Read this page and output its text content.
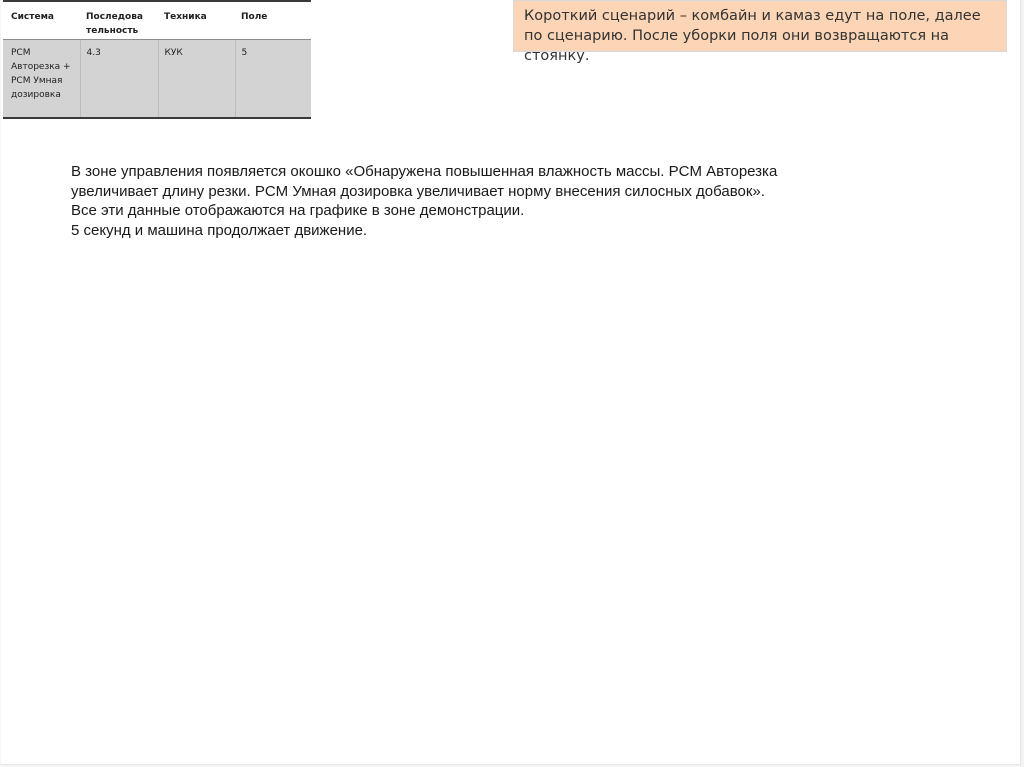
Система	Последова тельность	Техника	Поле
PCM Авторезка + PCM Умная дозировка	4.3	КУК	5
Короткий сценарий – комбайн и камаз едут на поле, далее по сценарию. После уборки поля они возвращаются на стоянку.

В зоне управления появляется окошко «Обнаружена повышенная влажность массы. PCM Авторезка
увеличивает длину резки. PCM Умная дозировка увеличивает норму внесения силосных добавок».
Все эти данные отображаются на графике в зоне демонстрации.
5 секунд и машина продолжает движение.
